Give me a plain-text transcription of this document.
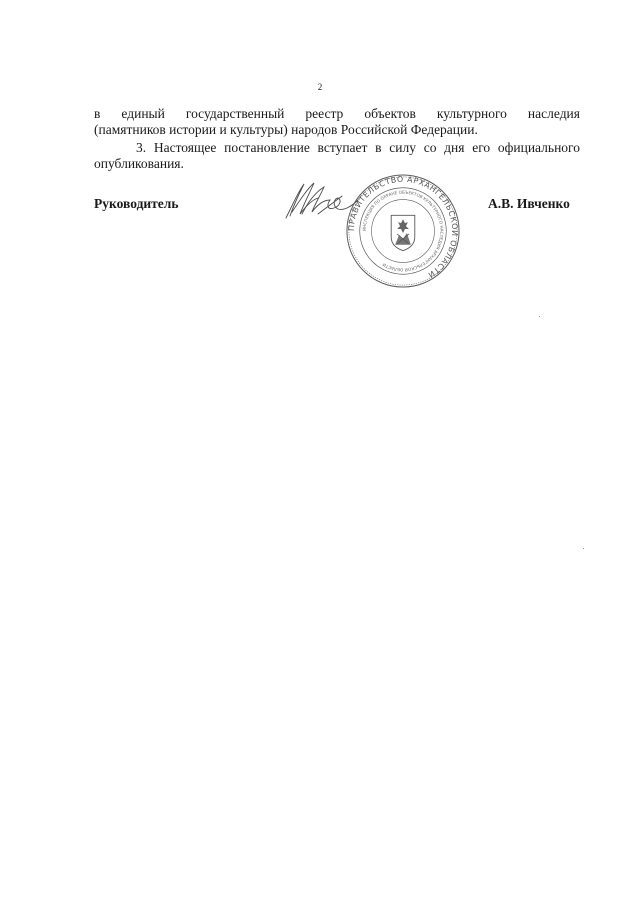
2
в единый государственный реестр объектов культурного наследия
(памятников истории и культуры) народов Российской Федерации.
3. Настоящее постановление вступает в силу со дня его официального
опубликования.
Руководитель
ПРАВИТЕЛЬСТВО АРХАНГЕЛЬСКОЙ ОБЛАСТИ
ИНСПЕКЦИЯ ПО ОХРАНЕ ОБЪЕКТОВ КУЛЬТУРНОГО НАСЛЕДИЯ АРХАНГЕЛЬСКОЙ ОБЛАСТИ
А.В. Ивченко
